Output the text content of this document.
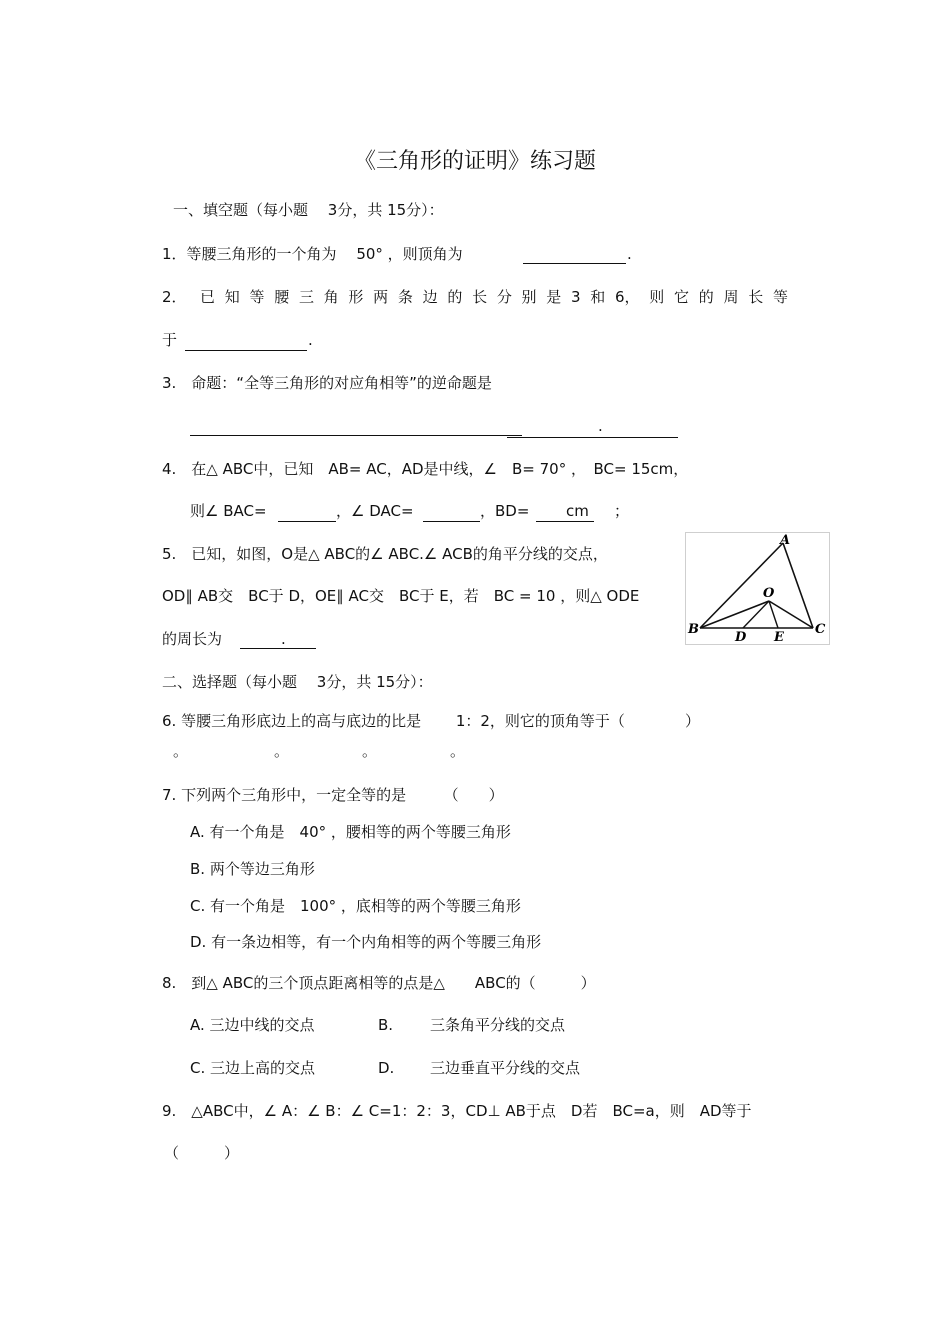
《三角形的证明》练习题
一、填空题（每小题　 3分，共 15分）：
1．等腰三角形的一个角为　 50° ，则顶角为	.
2． 已 知 等 腰 三 角 形 两 条 边 的 长 分 别 是 3 和 6， 则 它 的 周 长 等
于	.
3.　命题：“全等三角形的对应角相等”的逆命题是
.
4.　在△ ABC中，已知　AB= AC，AD是中线，∠　B= 70° ，　BC= 15cm，
则∠ BAC=	，∠ DAC=	，BD= cm ；
5.　已知，如图，O是△ ABC的∠ ABC.∠ ACB的角平分线的交点，
OD∥ AB交　BC于 D，OE∥ AC交　BC于 E，若　BC = 10 ，则△ ODE
的周长为	.
A
B	C
D E
O
二、选择题（每小题　 3分，共 15分）：
6. 等腰三角形底边上的高与底边的比是　　 1：2，则它的顶角等于（　　　　）
。	。	。	。
7. 下列两个三角形中，一定全等的是　　　（　　）
A. 有一个角是　40° ，腰相等的两个等腰三角形
B. 两个等边三角形
C. 有一个角是　100° ，底相等的两个等腰三角形
D. 有一条边相等，有一个内角相等的两个等腰三角形
8.　到△ ABC的三个顶点距离相等的点是△　　ABC的（　　　）
A. 三边中线的交点	B. 三条角平分线的交点
C. 三边上高的交点	D. 三边垂直平分线的交点
9.　△ABC中，∠ A：∠ B：∠ C=1：2：3，CD⊥ AB于点　D若　BC=a，则　AD等于
（　　　）
